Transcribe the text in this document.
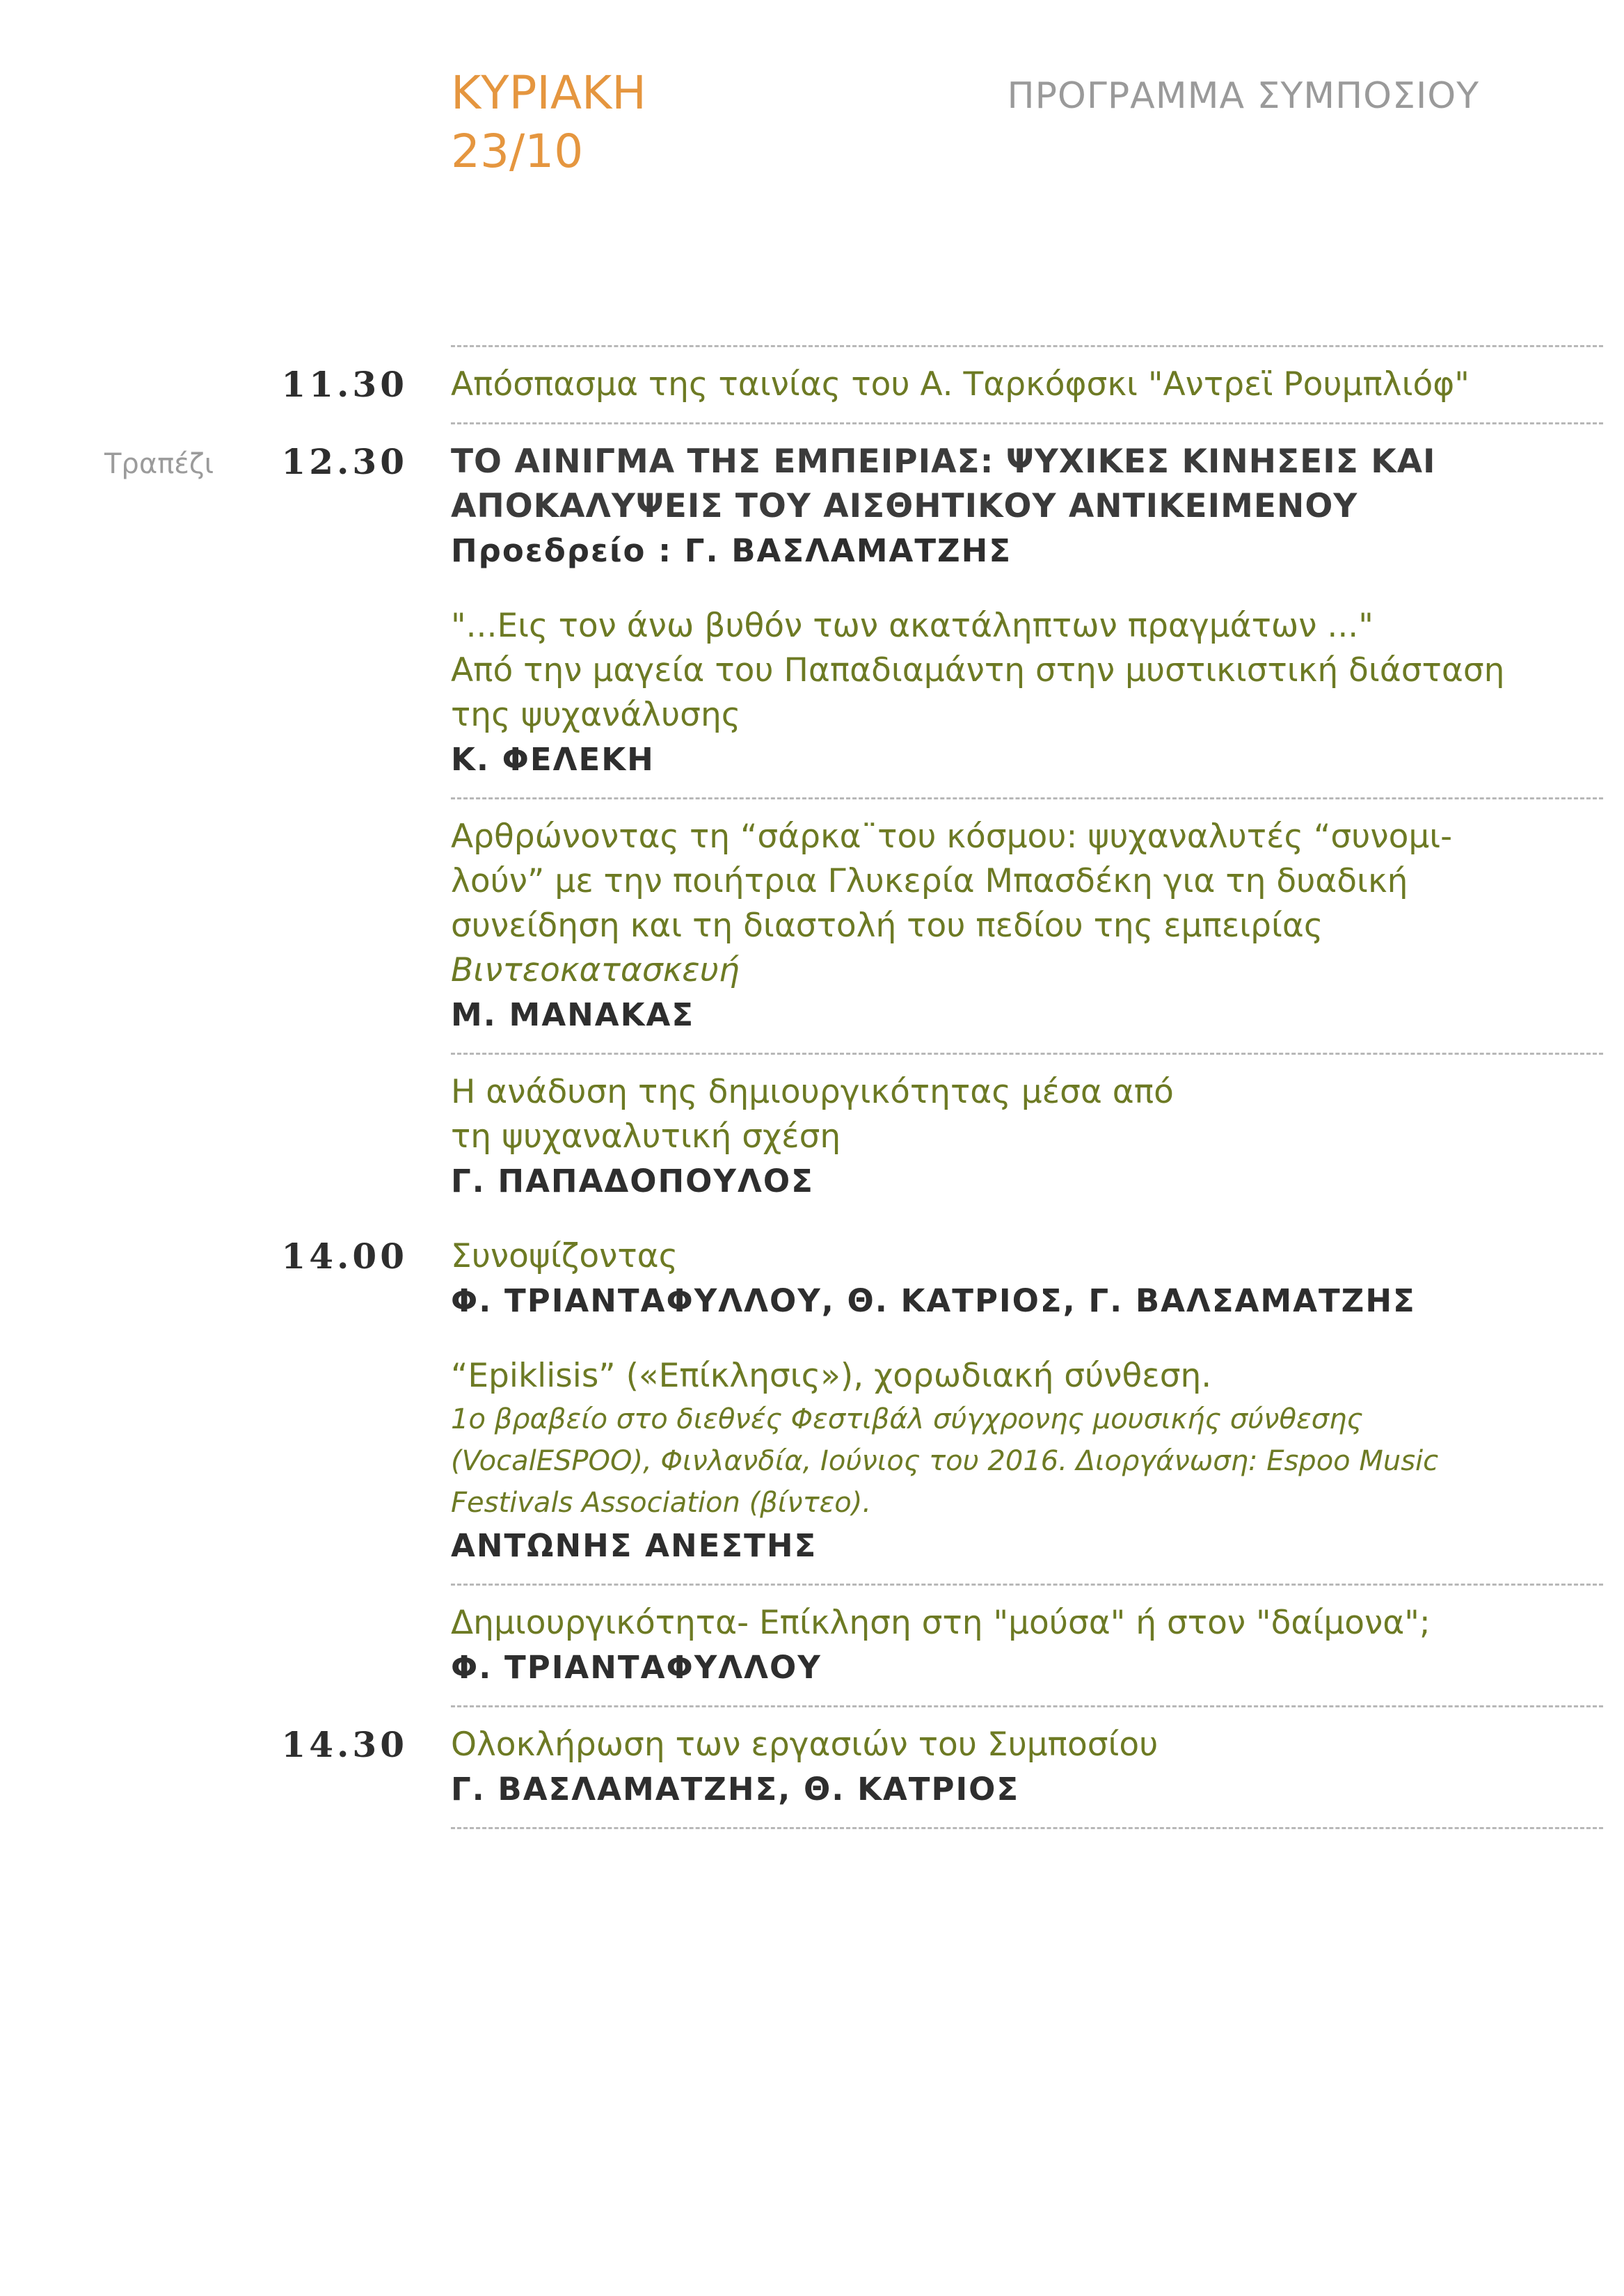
ΚΥΡΙΑΚΗ
23/10
ΠΡΟΓΡΑΜΜΑ ΣΥΜΠΟΣΙΟΥ
11.30 Απόσπασμα της ταινίας του Α. Ταρκόφσκι "Αντρεϊ Ρουμπλιόφ"
Τραπέζι	12.30 ΤΟ ΑΙΝΙΓΜΑ ΤΗΣ ΕΜΠΕΙΡΙΑΣ: ΨΥΧΙΚΕΣ ΚΙΝΗΣΕΙΣ ΚΑΙ
ΑΠΟΚΑΛΥΨΕΙΣ ΤΟΥ ΑΙΣΘΗΤΙΚΟΥ ΑΝΤΙΚΕΙΜΕΝΟΥ
Προεδρείο : Γ. ΒΑΣΛΑΜΑΤΖΗΣ
"...Εις τον άνω βυθόν των ακατάληπτων πραγμάτων ..."
Από την μαγεία του Παπαδιαμάντη στην μυστικιστική διάσταση
της ψυχανάλυσης
Κ. ΦΕΛΕΚΗ
Αρθρώνοντας τη “σάρκα¨του κόσμου: ψυχαναλυτές “συνομι-
λούν” με την ποιήτρια Γλυκερία Μπασδέκη για τη δυαδική
συνείδηση και τη διαστολή του πεδίου της εμπειρίας
Βιντεοκατασκευή
Μ. ΜΑΝΑΚΑΣ
Η ανάδυση της δημιουργικότητας μέσα από
τη ψυχαναλυτική σχέση
Γ. ΠΑΠΑΔΟΠΟΥΛΟΣ
14.00 Συνοψίζοντας
Φ. ΤΡΙΑΝΤΑΦΥΛΛΟΥ, Θ. ΚΑΤΡΙΟΣ, Γ. ΒΑΛΣΑΜΑΤΖΗΣ
“Epiklisis” («Επίκλησις»), χορωδιακή σύνθεση.
1ο βραβείο στο διεθνές Φεστιβάλ σύγχρονης μουσικής σύνθεσης
(VocalESPOO), Φινλανδία, Ιούνιος του 2016. Διοργάνωση: Espoo Music
Festivals Association (βίντεο).
ΑΝΤΩΝΗΣ ΑΝΕΣΤΗΣ
Δημιουργικότητα- Επίκληση στη "μούσα" ή στον "δαίμονα";
Φ. ΤΡΙΑΝΤΑΦΥΛΛΟΥ
14.30 Ολοκλήρωση των εργασιών του Συμποσίου
Γ. ΒΑΣΛΑΜΑΤΖΗΣ, Θ. ΚΑΤΡΙΟΣ
